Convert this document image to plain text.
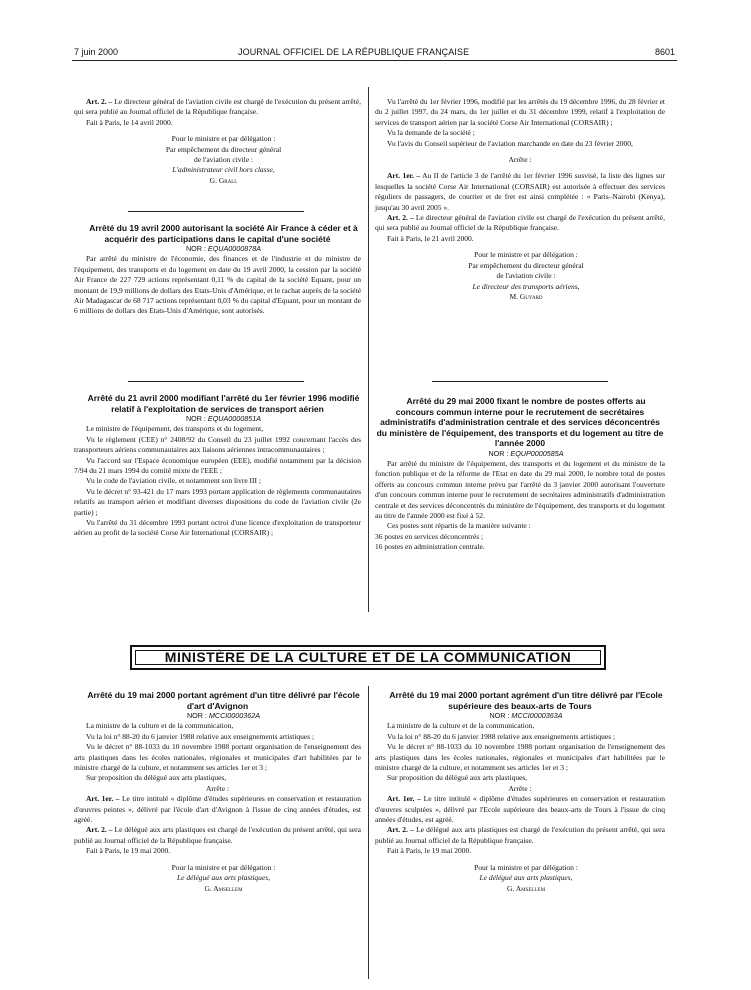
7 juin 2000	JOURNAL OFFICIEL DE LA RÉPUBLIQUE FRANÇAISE	8601

Art. 2. – Le directeur général de l'aviation civile est chargé de l'exécution du présent arrêté, qui sera publié au Journal officiel de la République française.

Fait à Paris, le 14 avril 2000.

Pour le ministre et par délégation :

Par empêchement du directeur général

de l'aviation civile :

L'administrateur civil hors classe,

G. Grall

Arrêté du 19 avril 2000 autorisant la société Air France à céder et à acquérir des participations dans le capital d'une société

NOR : EQUA0000878A

Par arrêté du ministre de l'économie, des finances et de l'industrie et du ministre de l'équipement, des transports et du logement en date du 19 avril 2000, la cession par la société Air France de 227 729 actions représentant 0,11 % du capital de la société Equant, pour un montant de 19,9 millions de dollars des Etats-Unis d'Amérique, et le rachat auprès de la société Air Madagascar de 68 717 actions représentant 0,03 % du capital d'Equant, pour un montant de 6 millions de dollars des Etats-Unis d'Amérique, sont autorisés.

Arrêté du 21 avril 2000 modifiant l'arrêté du 1er février 1996 modifié relatif à l'exploitation de services de transport aérien

NOR : EQUA0000851A

Le ministre de l'équipement, des transports et du logement,

Vu le règlement (CEE) n° 2408/92 du Conseil du 23 juillet 1992 concernant l'accès des transporteurs aériens communautaires aux liaisons aériennes intracommunautaires ;

Vu l'accord sur l'Espace économique européen (EEE), modifié notamment par la décision 7/94 du 21 mars 1994 du comité mixte de l'EEE ;

Vu le code de l'aviation civile, et notamment son livre III ;

Vu le décret n° 93-421 du 17 mars 1993 portant application de règlements communautaires relatifs au transport aérien et modifiant diverses dispositions du code de l'aviation civile (2e partie) ;

Vu l'arrêté du 31 décembre 1993 portant octroi d'une licence d'exploitation de transporteur aérien au profit de la société Corse Air International (CORSAIR) ;

Vu l'arrêté du 1er février 1996, modifié par les arrêtés du 19 décembre 1996, du 28 février et du 2 juillet 1997, du 24 mars, du 1er juillet et du 31 décembre 1999, relatif à l'exploitation de services de transport aérien par la société Corse Air International (CORSAIR) ;

Vu la demande de la société ;

Vu l'avis du Conseil supérieur de l'aviation marchande en date du 23 février 2000,

Arrête :

Art. 1er. – Au II de l'article 3 de l'arrêté du 1er février 1996 susvisé, la liste des lignes sur lesquelles la société Corse Air International (CORSAIR) est autorisée à effectuer des services réguliers de passagers, de courrier et de fret est ainsi complétée : « Paris–Nairobi (Kenya), jusqu'au 30 avril 2005 ».

Art. 2. – Le directeur général de l'aviation civile est chargé de l'exécution du présent arrêté, qui sera publié au Journal officiel de la République française.

Fait à Paris, le 21 avril 2000.

Pour le ministre et par délégation :

Par empêchement du directeur général

de l'aviation civile :

Le directeur des transports aériens,

M. Guyard

Arrêté du 29 mai 2000 fixant le nombre de postes offerts au concours commun interne pour le recrutement de secrétaires administratifs d'administration centrale et des services déconcentrés du ministère de l'équipement, des transports et du logement au titre de l'année 2000

NOR : EQUP0000585A

Par arrêté du ministre de l'équipement, des transports et du logement et du ministre de la fonction publique et de la réforme de l'Etat en date du 29 mai 2000, le nombre total de postes offerts au concours commun interne prévu par l'arrêté du 3 janvier 2000 autorisant l'ouverture d'un concours commun interne pour le recrutement de secrétaires administratifs d'administration centrale et des services déconcentrés du ministère de l'équipement, des transports et du logement au titre de l'année 2000 est fixé à 52.

Ces postes sont répartis de la manière suivante :

36 postes en services déconcentrés ;

16 postes en administration centrale.

MINISTÈRE DE LA CULTURE ET DE LA COMMUNICATION

Arrêté du 19 mai 2000 portant agrément d'un titre délivré par l'école d'art d'Avignon

NOR : MCCI0000362A

La ministre de la culture et de la communication,

Vu la loi n° 88-20 du 6 janvier 1988 relative aux enseignements artistiques ;

Vu le décret n° 88-1033 du 10 novembre 1988 portant organisation de l'enseignement des arts plastiques dans les écoles nationales, régionales et municipales d'art habilitées par le ministre chargé de la culture, et notamment ses articles 1er et 3 ;

Sur proposition du délégué aux arts plastiques,

Arrête :

Art. 1er. – Le titre intitulé « diplôme d'études supérieures en conservation et restauration d'œuvres peintes », délivré par l'école d'art d'Avignon à l'issue de cinq années d'études, est agréé.

Art. 2. – Le délégué aux arts plastiques est chargé de l'exécution du présent arrêté, qui sera publié au Journal officiel de la République française.

Fait à Paris, le 19 mai 2000.

Pour la ministre et par délégation :

Le délégué aux arts plastiques,

G. Amsellem

Arrêté du 19 mai 2000 portant agrément d'un titre délivré par l'Ecole supérieure des beaux-arts de Tours

NOR : MCCI0000363A

La ministre de la culture et de la communication,

Vu la loi n° 88-20 du 6 janvier 1988 relative aux enseignements artistiques ;

Vu le décret n° 88-1033 du 10 novembre 1988 portant organisation de l'enseignement des arts plastiques dans les écoles nationales, régionales et municipales d'art habilitées par le ministre chargé de la culture, et notamment ses articles 1er et 3 ;

Sur proposition du délégué aux arts plastiques,

Arrête :

Art. 1er. – Le titre intitulé « diplôme d'études supérieures en conservation et restauration d'œuvres sculptées », délivré par l'Ecole supérieure des beaux-arts de Tours à l'issue de cinq années d'études, est agréé.

Art. 2. – Le délégué aux arts plastiques est chargé de l'exécution du présent arrêté, qui sera publié au Journal officiel de la République française.

Fait à Paris, le 19 mai 2000.

Pour la ministre et par délégation :

Le délégué aux arts plastiques,

G. Amsellem
